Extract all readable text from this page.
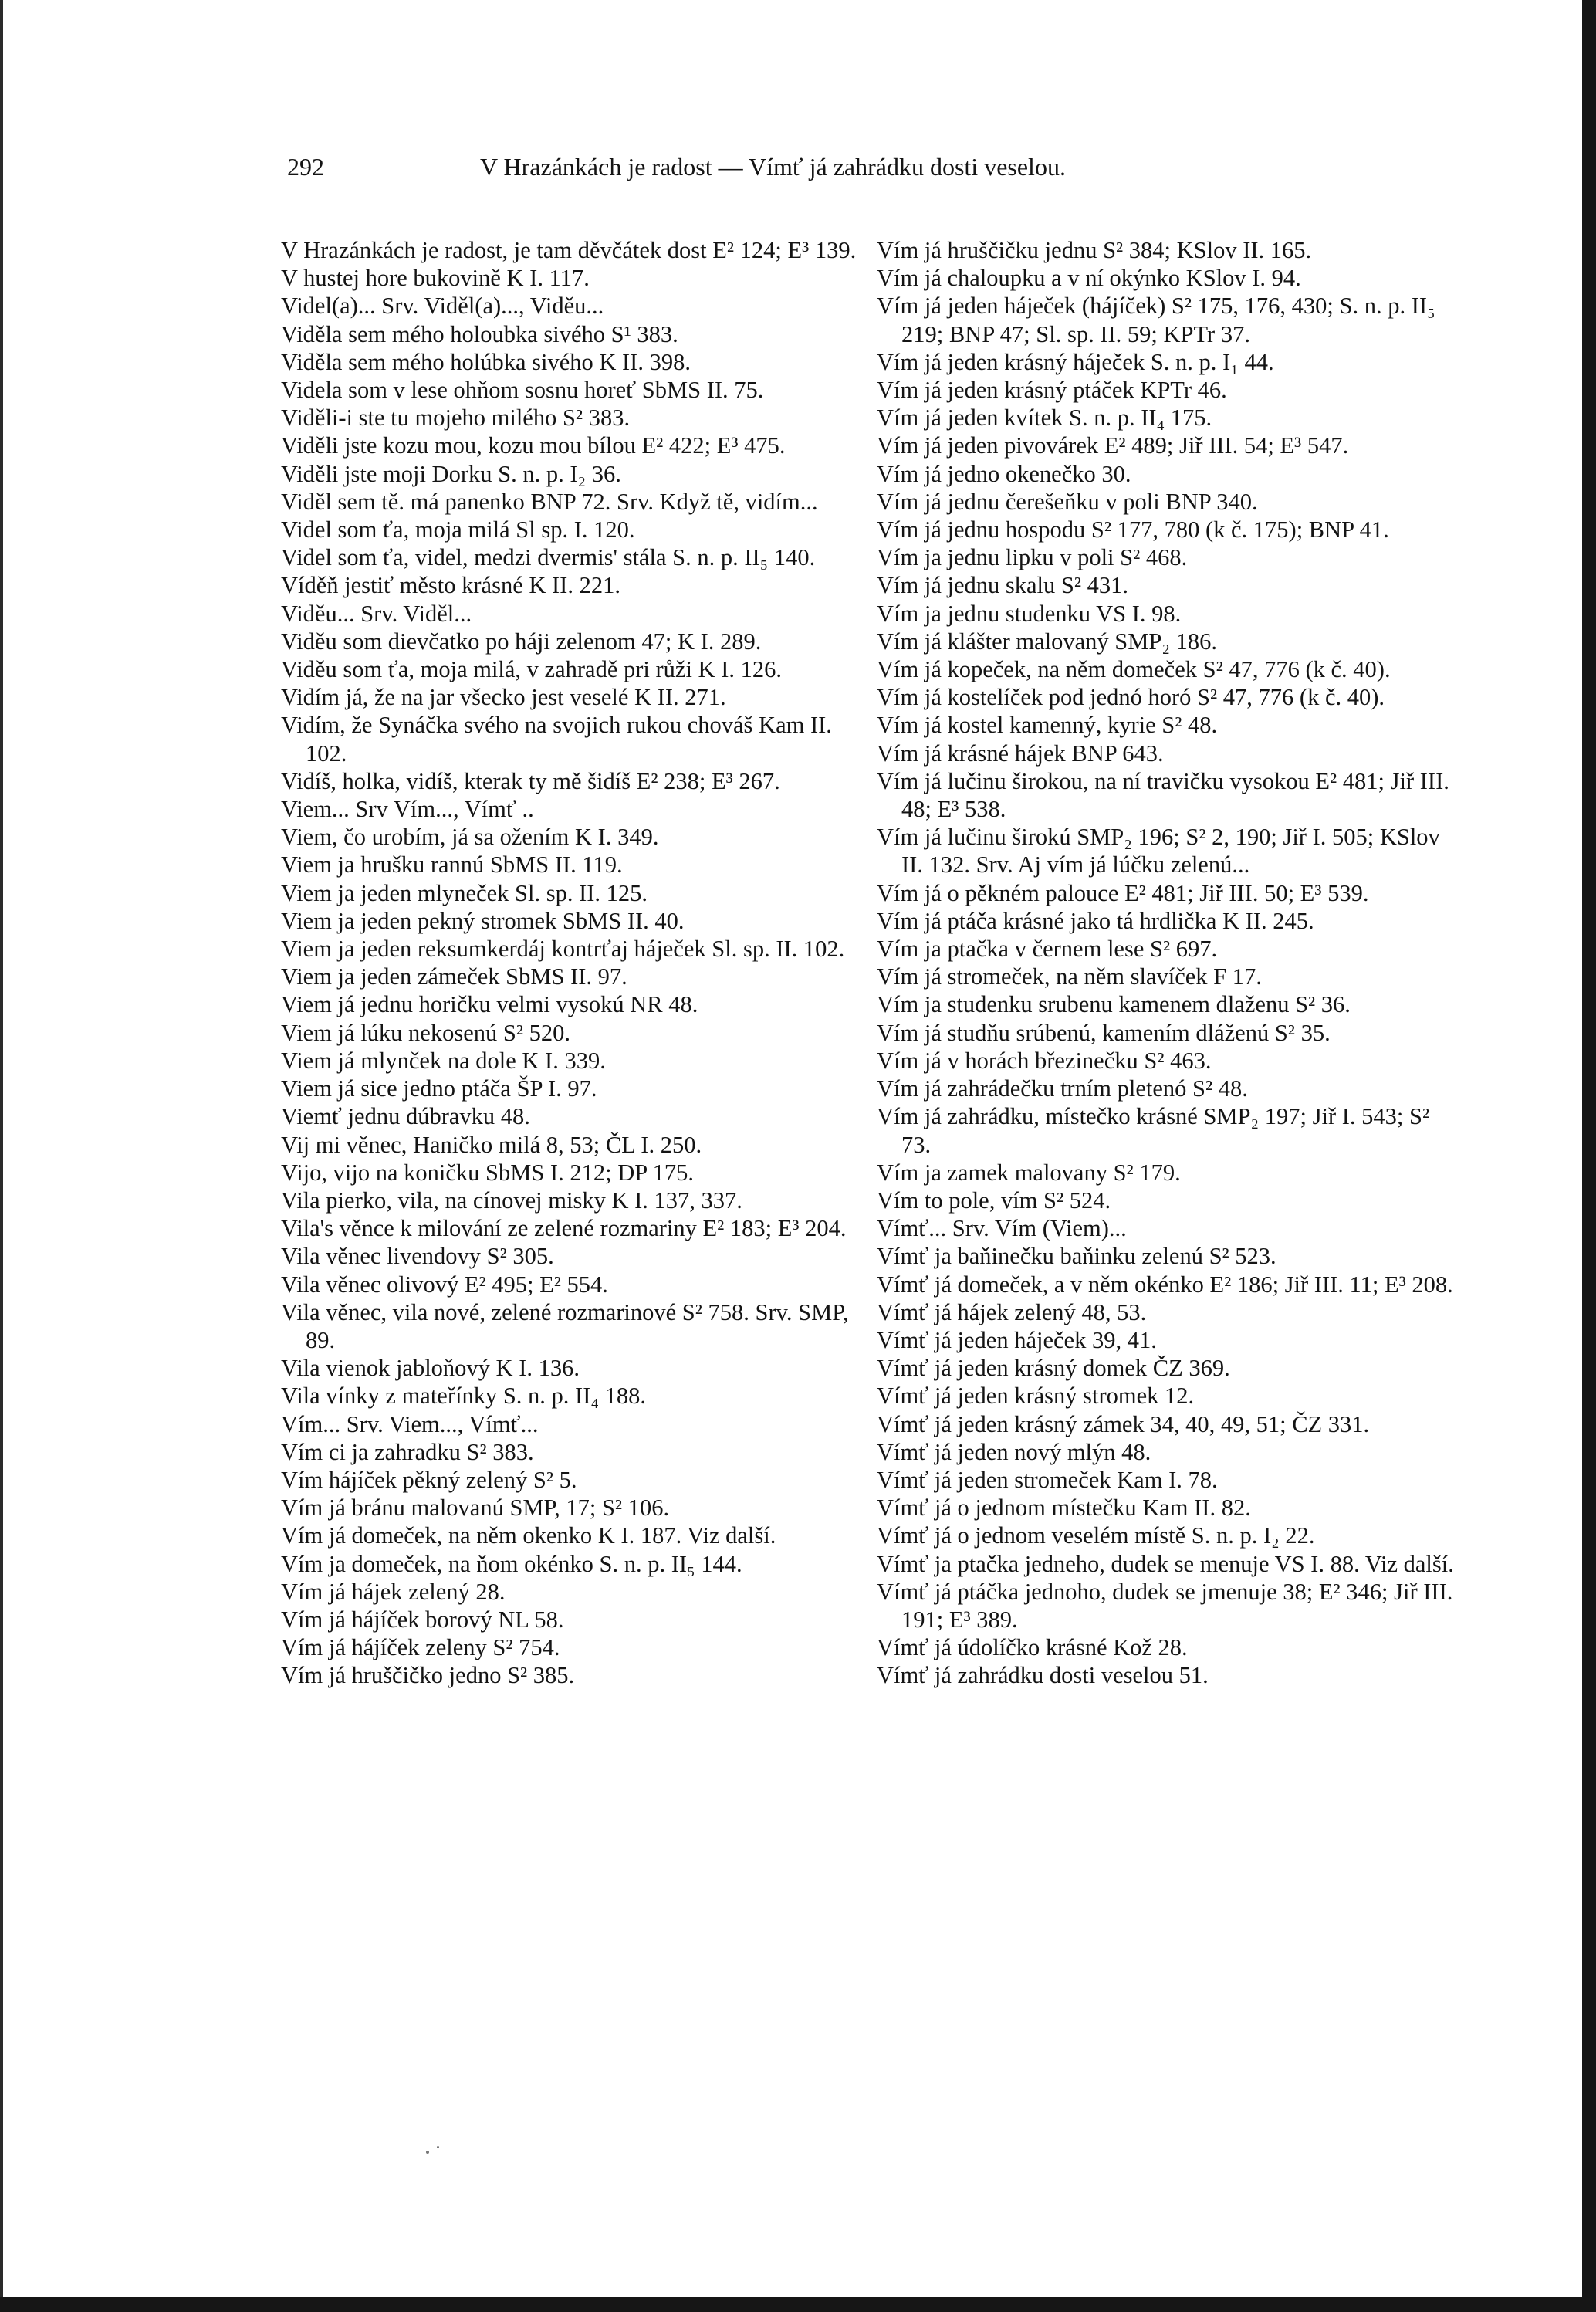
292	V Hrazánkách je radost — Vímť já zahrádku dosti veselou.
V Hrazánkách je radost, je tam děvčátek dost E² 124; E³ 139.
V hustej hore bukovině K I. 117.
Videl(a)... Srv. Viděl(a)..., Viděu...
Viděla sem mého holoubka sivého S¹ 383.
Viděla sem mého holúbka sivého K II. 398.
Videla som v lese ohňom sosnu horeť SbMS II. 75.
Viděli-i ste tu mojeho milého S² 383.
Viděli jste kozu mou, kozu mou bílou E² 422; E³ 475.
Viděli jste moji Dorku S. n. p. I₂ 36.
Viděl sem tě. má panenko BNP 72. Srv. Když tě, vidím...
Videl som ťa, moja milá Sl sp. I. 120.
Videl som ťa, videl, medzi dvermis' stála S. n. p. II₅ 140.
Víděň jestiť město krásné K II. 221.
Viděu... Srv. Viděl...
Viděu som dievčatko po háji zelenom 47; K I. 289.
Viděu som ťa, moja milá, v zahradě pri růži K I. 126.
Vidím já, že na jar všecko jest veselé K II. 271.
Vidím, že Synáčka svého na svojich rukou chováš Kam II. 102.
Vidíš, holka, vidíš, kterak ty mě šidíš E² 238; E³ 267.
Viem... Srv Vím..., Vímť ..
Viem, čo urobím, já sa ožením K I. 349.
Viem ja hrušku rannú SbMS II. 119.
Viem ja jeden mlyneček Sl. sp. II. 125.
Viem ja jeden pekný stromek SbMS II. 40.
Viem ja jeden reksumkerdáj kontrťaj háječek Sl. sp. II. 102.
Viem ja jeden zámeček SbMS II. 97.
Viem já jednu horičku velmi vysokú NR 48.
Viem já lúku nekosenú S² 520.
Viem já mlynček na dole K I. 339.
Viem já sice jedno ptáča ŠP I. 97.
Viemť jednu dúbravku 48.
Vij mi věnec, Haničko milá 8, 53; ČL I. 250.
Vijo, vijo na koničku SbMS I. 212; DP 175.
Vila pierko, vila, na cínovej misky K I. 137, 337.
Vila's věnce k milování ze zelené rozmariny E² 183; E³ 204.
Vila věnec livendovy S² 305.
Vila věnec olivový E² 495; E² 554.
Vila věnec, vila nové, zelené rozmarinové S² 758. Srv. SMP, 89.
Vila vienok jabloňový K I. 136.
Vila vínky z mateřínky S. n. p. II₄ 188.
Vím... Srv. Viem..., Vímť...
Vím ci ja zahradku S² 383.
Vím hájíček pěkný zelený S² 5.
Vím já bránu malovanú SMP, 17; S² 106.
Vím já domeček, na něm okenko K I. 187. Viz další.
Vím ja domeček, na ňom okénko S. n. p. II₅ 144.
Vím já hájek zelený 28.
Vím já hájíček borový NL 58.
Vím já hájíček zeleny S² 754.
Vím já hruščičko jedno S² 385.
Vím já hruščičku jednu S² 384; KSlov II. 165.
Vím já chaloupku a v ní okýnko KSlov I. 94.
Vím já jeden háječek (hájíček) S² 175, 176, 430; S. n. p. II₅ 219; BNP 47; Sl. sp. II. 59; KPTr 37.
Vím já jeden krásný háječek S. n. p. I₁ 44.
Vím já jeden krásný ptáček KPTr 46.
Vím já jeden kvítek S. n. p. II₄ 175.
Vím já jeden pivovárek E² 489; Jiř III. 54; E³ 547.
Vím já jedno okenečko 30.
Vím já jednu čerešeňku v poli BNP 340.
Vím já jednu hospodu S² 177, 780 (k č. 175); BNP 41.
Vím ja jednu lipku v poli S² 468.
Vím já jednu skalu S² 431.
Vím ja jednu studenku VS I. 98.
Vím já klášter malovaný SMP₂ 186.
Vím já kopeček, na něm domeček S² 47, 776 (k č. 40).
Vím já kostelíček pod jednó horó S² 47, 776 (k č. 40).
Vím já kostel kamenný, kyrie S² 48.
Vím já krásné hájek BNP 643.
Vím já lučinu širokou, na ní travičku vysokou E² 481; Jiř III. 48; E³ 538.
Vím já lučinu širokú SMP₂ 196; S² 2, 190; Jiř I. 505; KSlov II. 132. Srv. Aj vím já lúčku zelenú...
Vím já o pěkném palouce E² 481; Jiř III. 50; E³ 539.
Vím já ptáča krásné jako tá hrdlička K II. 245.
Vím ja ptačka v černem lese S² 697.
Vím já stromeček, na něm slavíček F 17.
Vím ja studenku srubenu kamenem dlaženu S² 36.
Vím já studňu srúbenú, kamením dláženú S² 35.
Vím já v horách březinečku S² 463.
Vím já zahrádečku trním pletenó S² 48.
Vím já zahrádku, místečko krásné SMP₂ 197; Jiř I. 543; S² 73.
Vím ja zamek malovany S² 179.
Vím to pole, vím S² 524.
Vímť... Srv. Vím (Viem)...
Vímť ja baňinečku baňinku zelenú S² 523.
Vímť já domeček, a v něm okénko E² 186; Jiř III. 11; E³ 208.
Vímť já hájek zelený 48, 53.
Vímť já jeden háječek 39, 41.
Vímť já jeden krásný domek ČZ 369.
Vímť já jeden krásný stromek 12.
Vímť já jeden krásný zámek 34, 40, 49, 51; ČZ 331.
Vímť já jeden nový mlýn 48.
Vímť já jeden stromeček Kam I. 78.
Vímť já o jednom místečku Kam II. 82.
Vímť já o jednom veselém místě S. n. p. I₂ 22.
Vímť ja ptačka jedneho, dudek se menuje VS I. 88. Viz další.
Vímť já ptáčka jednoho, dudek se jmenuje 38; E² 346; Jiř III. 191; E³ 389.
Vímť já údolíčko krásné Kož 28.
Vímť já zahrádku dosti veselou 51.
